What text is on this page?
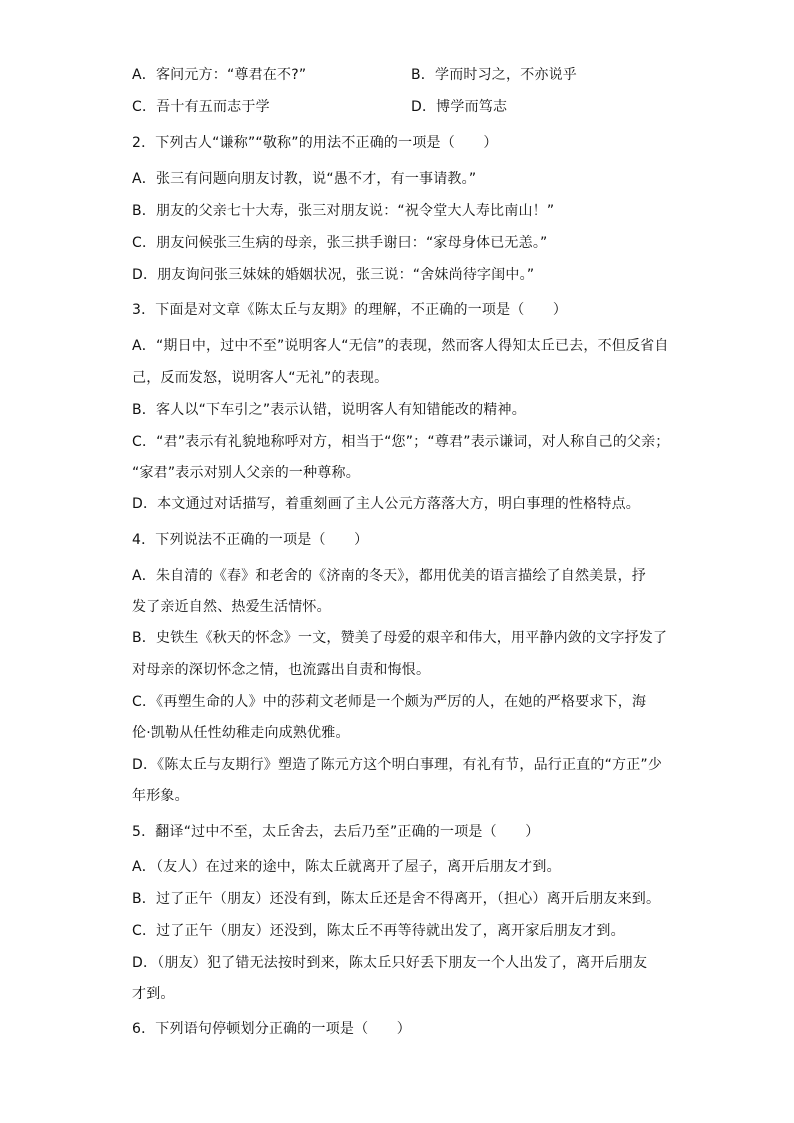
A．客问元方：“尊君在不?”	B．学而时习之，不亦说乎
C．吾十有五而志于学	D．博学而笃志
2．下列古人“谦称”“敬称”的用法不正确的一项是（　　）
A．张三有问题向朋友讨教，说“愚不才，有一事请教。”
B．朋友的父亲七十大寿，张三对朋友说：“祝令堂大人寿比南山！”
C．朋友问候张三生病的母亲，张三拱手谢曰：“家母身体已无恙。”
D．朋友询问张三妹妹的婚姻状况，张三说：“舍妹尚待字闺中。”
3．下面是对文章《陈太丘与友期》的理解，不正确的一项是（　　）
A．“期日中，过中不至”说明客人“无信”的表现，然而客人得知太丘已去，不但反省自
己，反而发怒，说明客人“无礼”的表现。
B．客人以“下车引之”表示认错，说明客人有知错能改的精神。
C．“君”表示有礼貌地称呼对方，相当于“您”；“尊君”表示谦词，对人称自己的父亲；
“家君”表示对别人父亲的一种尊称。
D．本文通过对话描写，着重刻画了主人公元方落落大方，明白事理的性格特点。
4．下列说法不正确的一项是（　　）
A．朱自清的《春》和老舍的《济南的冬天》，都用优美的语言描绘了自然美景，抒
发了亲近自然、热爱生活情怀。
B．史铁生《秋天的怀念》一文，赞美了母爱的艰辛和伟大，用平静内敛的文字抒发了
对母亲的深切怀念之情，也流露出自责和悔恨。
C．《再塑生命的人》中的莎莉文老师是一个颇为严厉的人，在她的严格要求下，海
伦·凯勒从任性幼稚走向成熟优雅。
D．《陈太丘与友期行》塑造了陈元方这个明白事理，有礼有节，品行正直的“方正”少
年形象。
5．翻译“过中不至，太丘舍去，去后乃至”正确的一项是（　　）
A．（友人）在过来的途中，陈太丘就离开了屋子，离开后朋友才到。
B．过了正午（朋友）还没有到，陈太丘还是舍不得离开，（担心）离开后朋友来到。
C．过了正午（朋友）还没到，陈太丘不再等待就出发了，离开家后朋友才到。
D．（朋友）犯了错无法按时到来，陈太丘只好丢下朋友一个人出发了，离开后朋友
才到。
6．下列语句停顿划分正确的一项是（　　）
